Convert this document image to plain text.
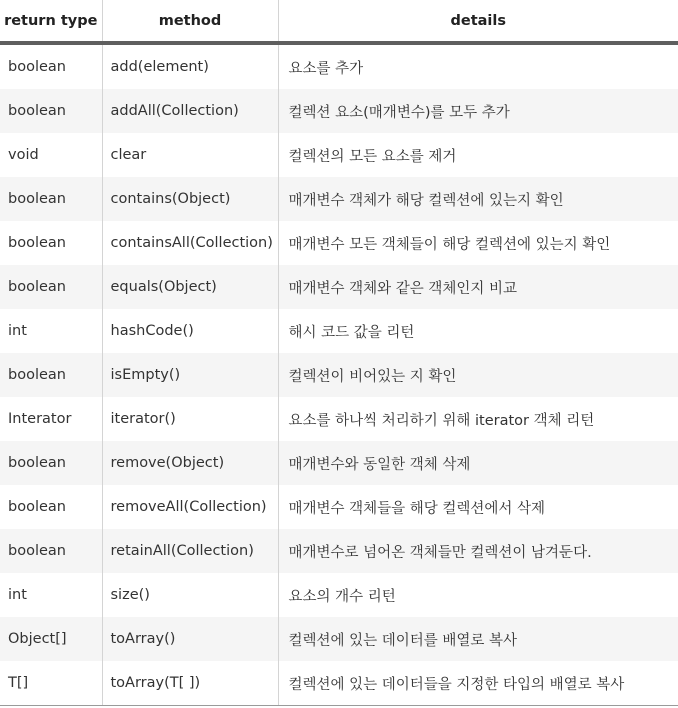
return type	method	details
boolean	add(element)	요소를 추가
boolean	addAll(Collection)	컬렉션 요소(매개변수)를 모두 추가
void	clear	컬렉션의 모든 요소를 제거
boolean	contains(Object)	매개변수 객체가 해당 컬렉션에 있는지 확인
boolean	containsAll(Collection)	매개변수 모든 객체들이 해당 컬렉션에 있는지 확인
boolean	equals(Object)	매개변수 객체와 같은 객체인지 비교
int	hashCode()	해시 코드 값을 리턴
boolean	isEmpty()	컬렉션이 비어있는 지 확인
Interator	iterator()	요소를 하나씩 처리하기 위해 iterator 객체 리턴
boolean	remove(Object)	매개변수와 동일한 객체 삭제
boolean	removeAll(Collection)	매개변수 객체들을 해당 컬렉션에서 삭제
boolean	retainAll(Collection)	매개변수로 넘어온 객체들만 컬렉션이 남겨둔다.
int	size()	요소의 개수 리턴
Object[]	toArray()	컬렉션에 있는 데이터를 배열로 복사
T[]	toArray(T[ ])	컬렉션에 있는 데이터들을 지정한 타입의 배열로 복사
